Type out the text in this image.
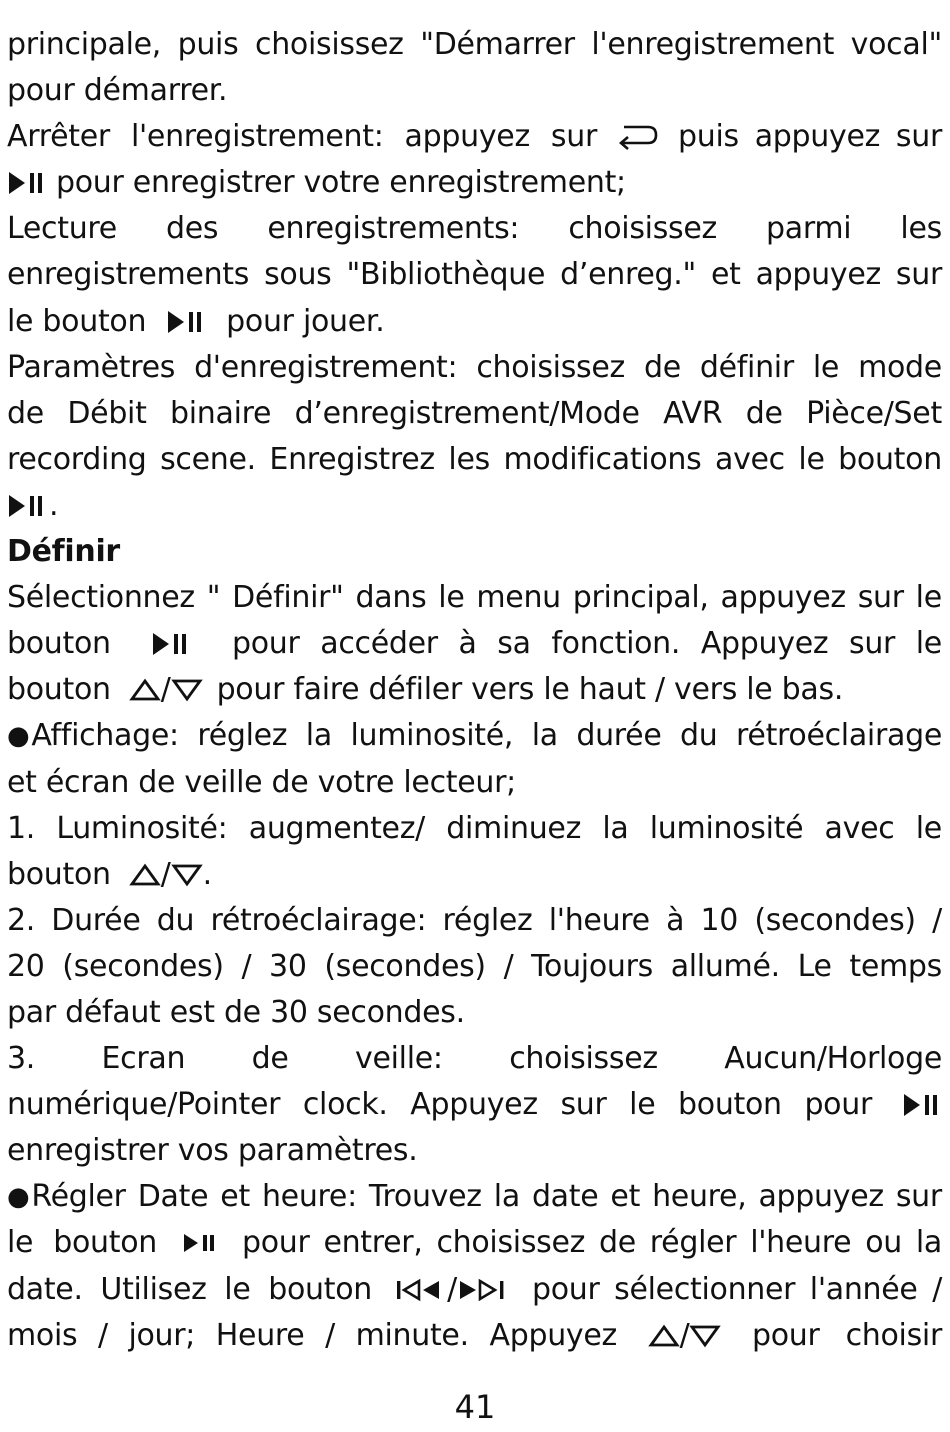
principale, puis choisissez "Démarrer l'enregistrement vocal"
pour démarrer.
Arrêter l'enregistrement: appuyez sur	puis appuyez sur
pour enregistrer votre enregistrement;
Lecture des enregistrements: choisissez parmi les
enregistrements sous "Bibliothèque d’enreg." et appuyez sur
le bouton	pour jouer.
Paramètres d'enregistrement: choisissez de définir le mode
de Débit binaire d’enregistrement/Mode AVR de Pièce/Set
recording scene. Enregistrez les modifications avec le bouton
.
Définir
Sélectionnez " Définir" dans le menu principal, appuyez sur le
bouton	pour accéder à sa fonction. Appuyez sur le
bouton / pour faire défiler vers le haut / vers le bas.
● Affichage: réglez la luminosité, la durée du rétroéclairage
et écran de veille de votre lecteur;
1. Luminosité: augmentez/ diminuez la luminosité avec le
bouton / .
2. Durée du rétroéclairage: réglez l'heure à 10 (secondes) /
20 (secondes) / 30 (secondes) / Toujours allumé. Le temps
par défaut est de 30 secondes.
3. Ecran de veille: choisissez Aucun/Horloge
numérique/Pointer clock. Appuyez sur le bouton pour
enregistrer vos paramètres.
● Régler Date et heure: Trouvez la date et heure, appuyez sur
le bouton	pour entrer, choisissez de régler l'heure ou la
date. Utilisez le bouton	/	pour sélectionner l'année /
mois / jour; Heure / minute. Appuyez / pour choisir
41
